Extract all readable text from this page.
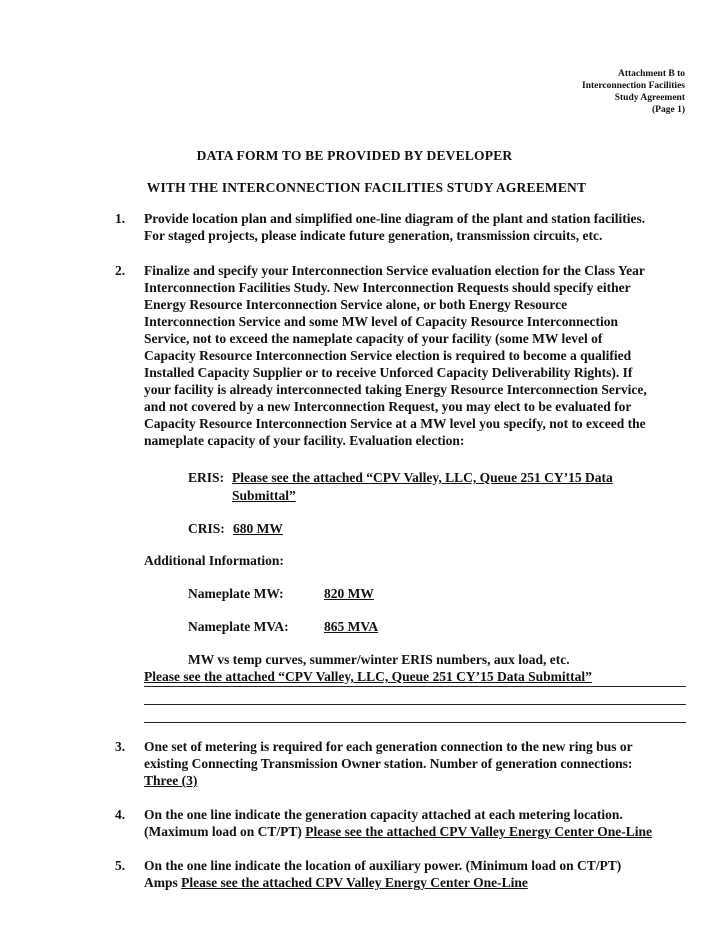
Attachment B to
Interconnection Facilities
Study Agreement
(Page 1)
DATA FORM TO BE PROVIDED BY DEVELOPER
WITH THE INTERCONNECTION FACILITIES STUDY AGREEMENT
1. Provide location plan and simplified one-line diagram of the plant and station facilities.
For staged projects, please indicate future generation, transmission circuits, etc.
2. Finalize and specify your Interconnection Service evaluation election for the Class Year
Interconnection Facilities Study. New Interconnection Requests should specify either
Energy Resource Interconnection Service alone, or both Energy Resource
Interconnection Service and some MW level of Capacity Resource Interconnection
Service, not to exceed the nameplate capacity of your facility (some MW level of
Capacity Resource Interconnection Service election is required to become a qualified
Installed Capacity Supplier or to receive Unforced Capacity Deliverability Rights). If
your facility is already interconnected taking Energy Resource Interconnection Service,
and not covered by a new Interconnection Request, you may elect to be evaluated for
Capacity Resource Interconnection Service at a MW level you specify, not to exceed the
nameplate capacity of your facility. Evaluation election:
ERIS: Please see the attached “CPV Valley, LLC, Queue 251 CY’15 Data
Submittal”
CRIS: 680 MW
Additional Information:
Nameplate MW:	820 MW
Nameplate MVA:	865 MVA
MW vs temp curves, summer/winter ERIS numbers, aux load, etc.
Please see the attached “CPV Valley, LLC, Queue 251 CY’15 Data Submittal”
3. One set of metering is required for each generation connection to the new ring bus or
existing Connecting Transmission Owner station. Number of generation connections:
Three (3)
4. On the one line indicate the generation capacity attached at each metering location.
(Maximum load on CT/PT) Please see the attached CPV Valley Energy Center One-Line
5. On the one line indicate the location of auxiliary power. (Minimum load on CT/PT)
Amps Please see the attached CPV Valley Energy Center One-Line
